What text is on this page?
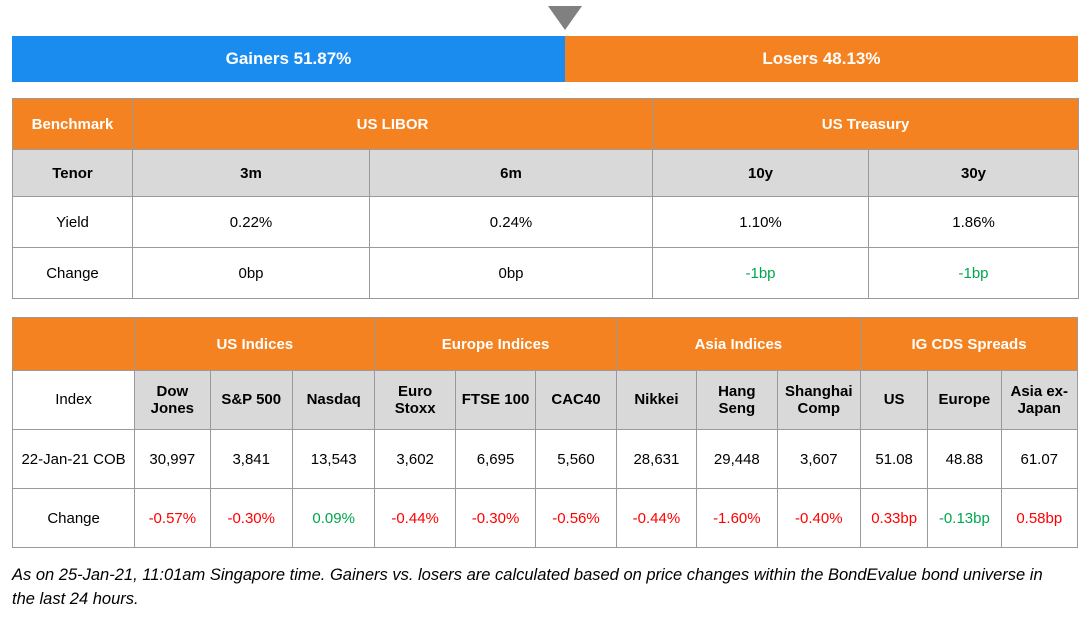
Gainers 51.87%	Losers 48.13%
Benchmark	US LIBOR		US Treasury	
Tenor	3m	6m	10y	30y
Yield	0.22%	0.24%	1.10%	1.86%
Change	0bp	0bp	-1bp	-1bp
	US Indices			Europe Indices			Asia Indices			IG CDS Spreads		
Index	Dow Jones	S&P 500	Nasdaq	Euro Stoxx	FTSE 100	CAC40	Nikkei	Hang Seng	Shanghai Comp	US	Europe	Asia ex-Japan
22-Jan-21 COB	30,997	3,841	13,543	3,602	6,695	5,560	28,631	29,448	3,607	51.08	48.88	61.07
Change	-0.57%	-0.30%	0.09%	-0.44%	-0.30%	-0.56%	-0.44%	-1.60%	-0.40%	0.33bp	-0.13bp	0.58bp
As on 25-Jan-21, 11:01am Singapore time. Gainers vs. losers are calculated based on price changes within the BondEvalue bond universe in the last 24 hours.
